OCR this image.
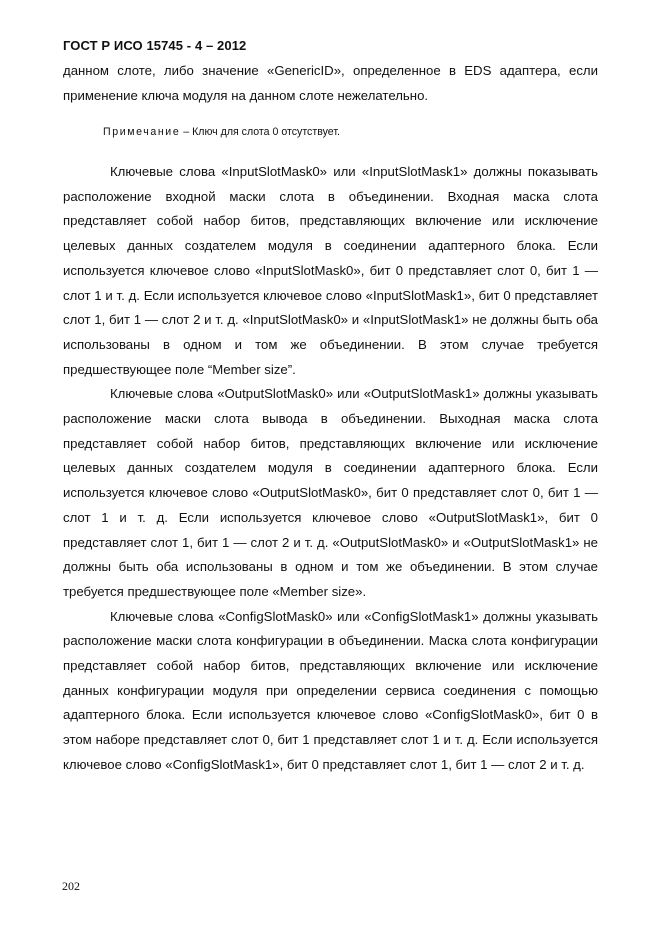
ГОСТ Р ИСО 15745 - 4 – 2012

данном слоте, либо значение «GenericID», определенное в EDS адаптера, если применение ключа модуля на данном слоте нежелательно.

Примечание – Ключ для слота 0 отсутствует.

Ключевые слова «InputSlotMask0» или «InputSlotMask1» должны показывать расположение входной маски слота в объединении. Входная маска слота представляет собой набор битов, представляющих включение или исключение целевых данных создателем модуля в соединении адаптерного блока. Если используется ключевое слово «InputSlotMask0», бит 0 представляет слот 0, бит 1 — слот 1 и т. д. Если используется ключевое слово «InputSlotMask1», бит 0 представляет слот 1, бит 1 — слот 2 и т. д. «InputSlotMask0» и «InputSlotMask1» не должны быть оба использованы в одном и том же объединении. В этом случае требуется предшествующее поле “Member size”.

Ключевые слова «OutputSlotMask0» или «OutputSlotMask1» должны указывать расположение маски слота вывода в объединении. Выходная маска слота представляет собой набор битов, представляющих включение или исключение целевых данных создателем модуля в соединении адаптерного блока. Если используется ключевое слово «OutputSlotMask0», бит 0 представляет слот 0, бит 1 — слот 1 и т. д. Если используется ключевое слово «OutputSlotMask1», бит 0 представляет слот 1, бит 1 — слот 2 и т. д. «OutputSlotMask0» и «OutputSlotMask1» не должны быть оба использованы в одном и том же объединении. В этом случае требуется предшествующее поле «Member size».

Ключевые слова «ConfigSlotMask0» или «ConfigSlotMask1» должны указывать расположение маски слота конфигурации в объединении. Маска слота конфигурации представляет собой набор битов, представляющих включение или исключение данных конфигурации модуля при определении сервиса соединения с помощью адаптерного блока. Если используется ключевое слово «ConfigSlotMask0», бит 0 в этом наборе представляет слот 0, бит 1 представляет слот 1 и т. д. Если используется ключевое слово «ConfigSlotMask1», бит 0 представляет слот 1, бит 1 — слот 2 и т. д.

202
